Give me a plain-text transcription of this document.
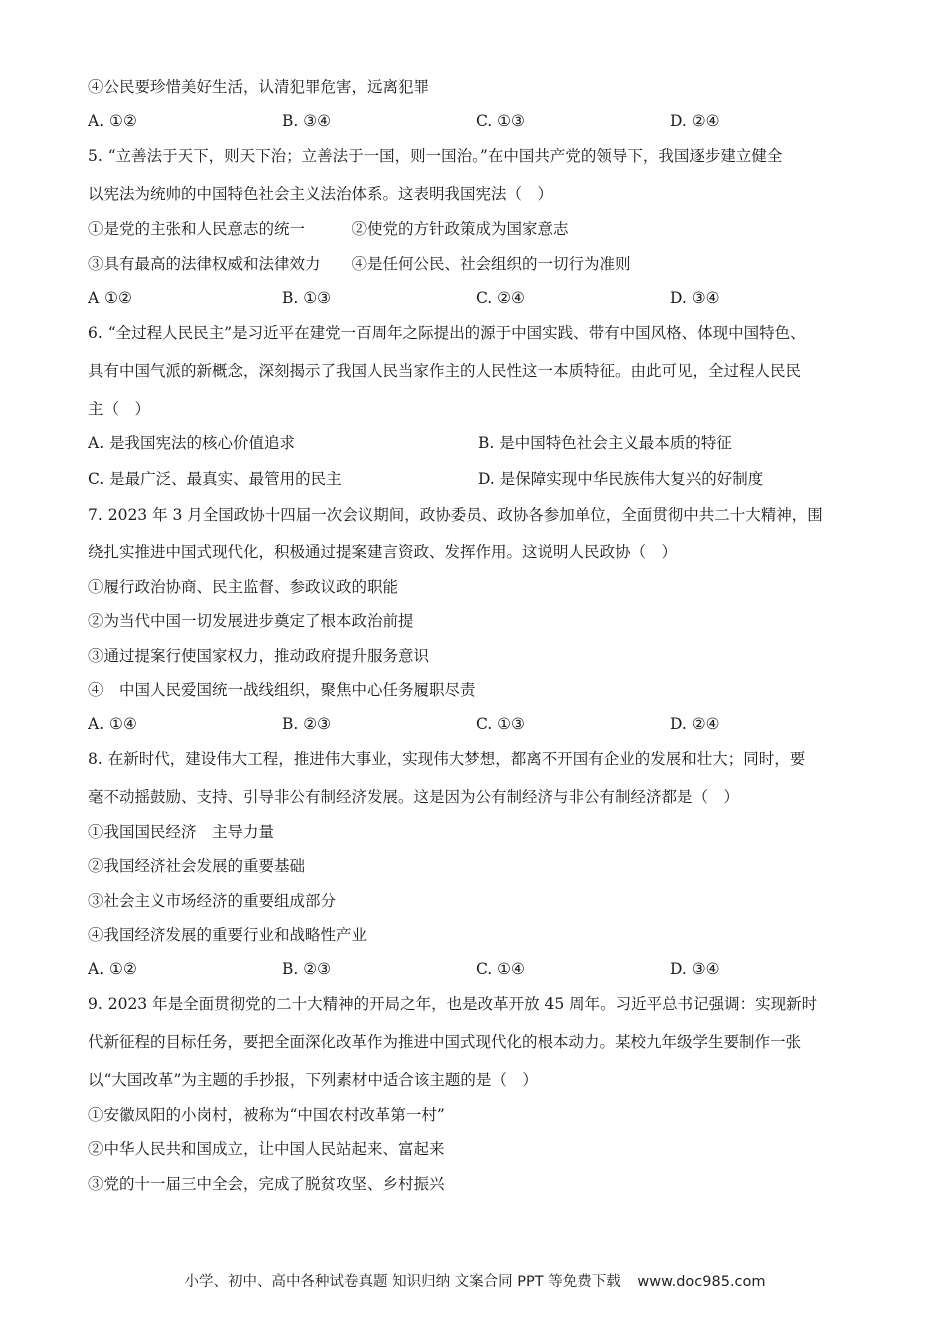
④公民要珍惜美好生活，认清犯罪危害，远离犯罪
A. ①②	B. ③④	C. ①③	D. ②④
5. “立善法于天下，则天下治；立善法于一国，则一国治。”在中国共产党的领导下，我国逐步建立健全
以宪法为统帅的中国特色社会主义法治体系。这表明我国宪法（　）
①是党的主张和人民意志的统一　　　②使党的方针政策成为国家意志
③具有最高的法律权威和法律效力　　④是任何公民、社会组织的一切行为准则
A ①②	B. ①③	C. ②④	D. ③④
6. “全过程人民民主”是习近平在建党一百周年之际提出的源于中国实践、带有中国风格、体现中国特色、
具有中国气派的新概念，深刻揭示了我国人民当家作主的人民性这一本质特征。由此可见，全过程人民民
主（　）
A. 是我国宪法的核心价值追求	B. 是中国特色社会主义最本质的特征
C. 是最广泛、最真实、最管用的民主	D. 是保障实现中华民族伟大复兴的好制度
7. 2023 年 3 月全国政协十四届一次会议期间，政协委员、政协各参加单位，全面贯彻中共二十大精神，围
绕扎实推进中国式现代化，积极通过提案建言资政、发挥作用。这说明人民政协（　）
①履行政治协商、民主监督、参政议政的职能
②为当代中国一切发展进步奠定了根本政治前提
③通过提案行使国家权力，推动政府提升服务意识
④　中国人民爱国统一战线组织，聚焦中心任务履职尽责
A. ①④	B. ②③	C. ①③	D. ②④
8. 在新时代，建设伟大工程，推进伟大事业，实现伟大梦想，都离不开国有企业的发展和壮大；同时，要
毫不动摇鼓励、支持、引导非公有制经济发展。这是因为公有制经济与非公有制经济都是（　）
①我国国民经济　主导力量
②我国经济社会发展的重要基础
③社会主义市场经济的重要组成部分
④我国经济发展的重要行业和战略性产业
A. ①②	B. ②③	C. ①④	D. ③④
9. 2023 年是全面贯彻党的二十大精神的开局之年，也是改革开放 45 周年。习近平总书记强调：实现新时
代新征程的目标任务，要把全面深化改革作为推进中国式现代化的根本动力。某校九年级学生要制作一张
以“大国改革”为主题的手抄报，下列素材中适合该主题的是（　）
①安徽凤阳的小岗村，被称为“中国农村改革第一村”
②中华人民共和国成立，让中国人民站起来、富起来
③党的十一届三中全会，完成了脱贫攻坚、乡村振兴
小学、初中、高中各种试卷真题 知识归纳 文案合同 PPT 等免费下载 www.doc985.com
